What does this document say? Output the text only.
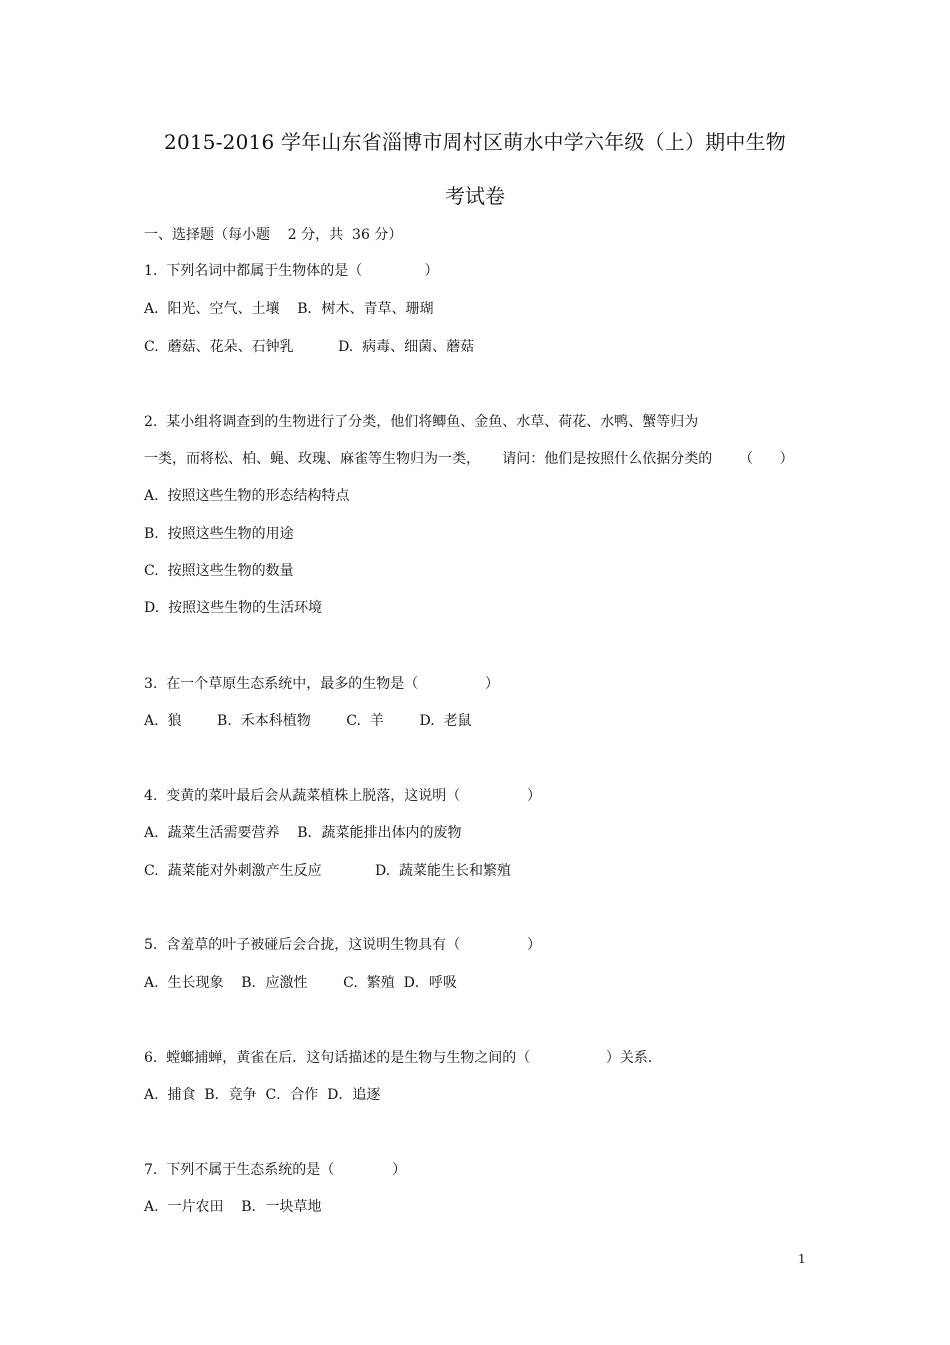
2015-2016 学年山东省淄博市周村区萌水中学六年级（上）期中生物
考试卷
一、选择题（每小题    2 分，共  36 分）
1.  下列名词中都属于生物体的是（              ）
A.  阳光、空气、土壤    B．树木、青草、珊瑚
C.  蘑菇、花朵、石钟乳          D.  病毒、细菌、蘑菇
2.  某小组将调查到的生物进行了分类，他们将鲫鱼、金鱼、水草、荷花、水鸭、蟹等归为
一类，而将松、柏、蝇、玫瑰、麻雀等生物归为一类，     请问：他们是按照什么依据分类的      （      ）
A.  按照这些生物的形态结构特点
B.  按照这些生物的用途
C.  按照这些生物的数量
D.  按照这些生物的生活环境
3.  在一个草原生态系统中，最多的生物是（               ）
A.  狼        B.  禾本科植物        C.  羊        D.  老鼠
4.  变黄的菜叶最后会从蔬菜植株上脱落，这说明（               ）
A.  蔬菜生活需要营养    B．蔬菜能排出体内的废物
C.  蔬菜能对外刺激产生反应            D.  蔬菜能生长和繁殖
5.  含羞草的叶子被碰后会合拢，这说明生物具有（               ）
A.  生长现象    B．应激性        C.  繁殖  D．呼吸
6.  螳螂捕蝉，黄雀在后．这句话描述的是生物与生物之间的（                 ）关系．
A.  捕食  B．竞争  C．合作  D．追逐
7.  下列不属于生态系统的是（             ）
A.  一片农田    B．一块草地
1
